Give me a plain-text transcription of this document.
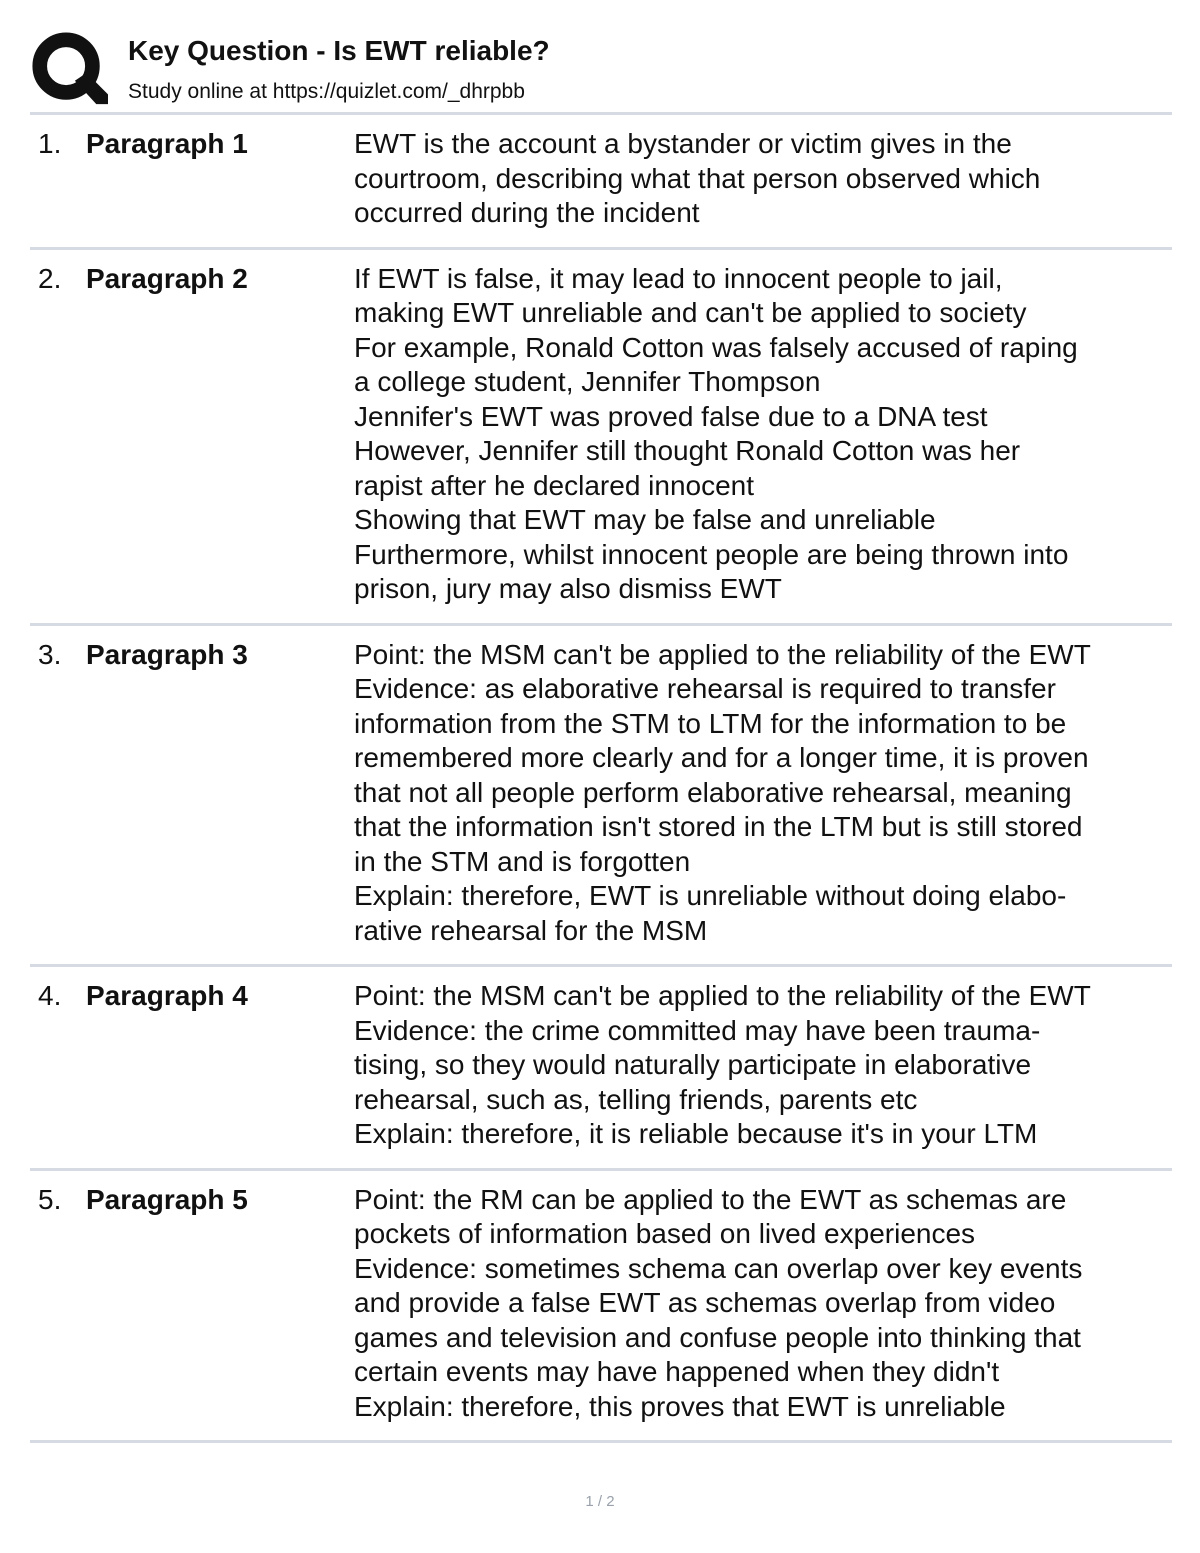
Key Question - Is EWT reliable?
Study online at https://quizlet.com/_dhrpbb
1. Paragraph 1	EWT is the account a bystander or victim gives in the
courtroom, describing what that person observed which
occurred during the incident
2. Paragraph 2	If EWT is false, it may lead to innocent people to jail,
making EWT unreliable and can't be applied to society
For example, Ronald Cotton was falsely accused of raping
a college student, Jennifer Thompson
Jennifer's EWT was proved false due to a DNA test
However, Jennifer still thought Ronald Cotton was her
rapist after he declared innocent
Showing that EWT may be false and unreliable
Furthermore, whilst innocent people are being thrown into
prison, jury may also dismiss EWT
3. Paragraph 3	Point: the MSM can't be applied to the reliability of the EWT
Evidence: as elaborative rehearsal is required to transfer
information from the STM to LTM for the information to be
remembered more clearly and for a longer time, it is proven
that not all people perform elaborative rehearsal, meaning
that the information isn't stored in the LTM but is still stored
in the STM and is forgotten
Explain: therefore, EWT is unreliable without doing elabo-
rative rehearsal for the MSM
4. Paragraph 4	Point: the MSM can't be applied to the reliability of the EWT
Evidence: the crime committed may have been trauma-
tising, so they would naturally participate in elaborative
rehearsal, such as, telling friends, parents etc
Explain: therefore, it is reliable because it's in your LTM
5. Paragraph 5	Point: the RM can be applied to the EWT as schemas are
pockets of information based on lived experiences
Evidence: sometimes schema can overlap over key events
and provide a false EWT as schemas overlap from video
games and television and confuse people into thinking that
certain events may have happened when they didn't
Explain: therefore, this proves that EWT is unreliable
1 / 2
